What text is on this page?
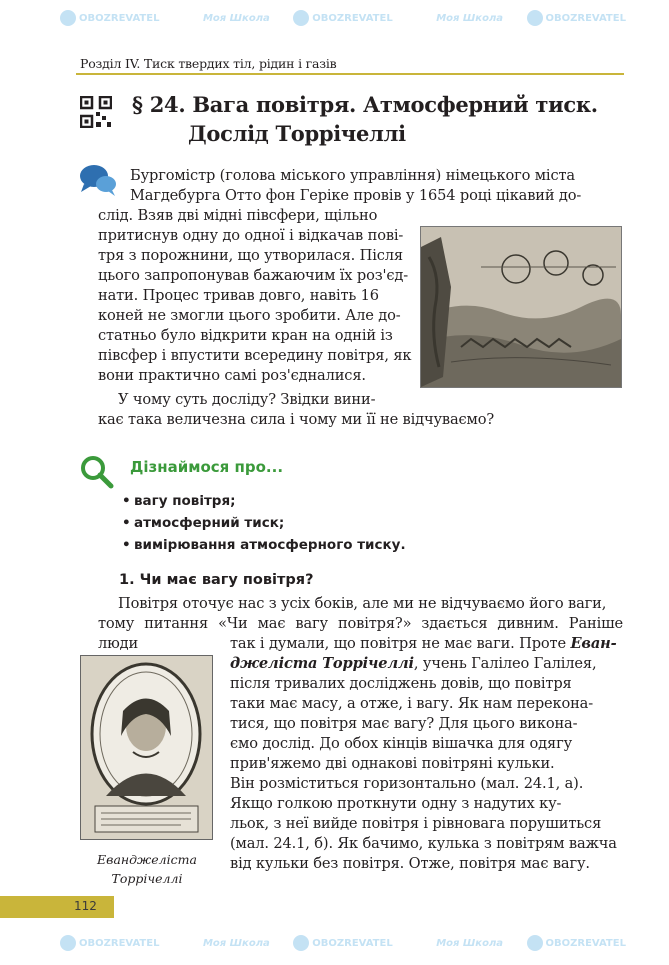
OBOZREVATEL	Моя Школа	OBOZREVATEL	Моя Школа	OBOZREVATEL
OBOZREVATEL	Моя Школа	OBOZREVATEL	Моя Школа	OBOZREVATEL
Розділ IV. Тиск твердих тіл, рідин і газів
§ 24. Вага повітря. Атмосферний тиск.
Дослід Торрічеллі
Бургомістр (голова міського управління) німецького міста
Магдебурга Отто фон Геріке провів у 1654 році цікавий до-
слід. Взяв дві мідні півсфери, щільно
притиснув одну до одної і відкачав пові-
тря з порожнини, що утворилася. Після
цього запропонував бажаючим їх роз'єд-
нати. Процес тривав довго, навіть 16
коней не змогли цього зробити. Але до-
статньо було відкрити кран на одній із
півсфер і впустити всередину повітря, як
вони практично самі роз'єдналися.
У чому суть досліду? Звідки вини-
кає така величезна сила і чому ми її не відчуваємо?
Дізнаймося про...
• вагу повітря;
• атмосферний тиск;
• вимірювання атмосферного тиску.
1. Чи має вагу повітря?
Повітря оточує нас з усіх боків, але ми не відчуваємо його ваги,
тому питання «Чи має вагу повітря?» здається дивним. Раніше люди	так і думали, що повітря не має ваги. Проте Еван-
джеліста Торрічеллі, учень Галілео Галілея,
після тривалих досліджень довів, що повітря
таки має масу, а отже, і вагу. Як нам переконa-
тися, що повітря має вагу? Для цього викона-
ємо дослід. До обох кінців вішачка для одягу
прив'яжемо дві однакові повітряні кульки.
Він розміститься горизонтально (мал. 24.1, а).
Якщо голкою проткнути одну з надутих ку-
льок, з неї вийде повітря і рівновага порушиться
(мал. 24.1, б). Як бачимо, кулька з повітрям важча
від кульки без повітря. Отже, повітря має вагу.
Еванджеліста
Торрічеллі
112
